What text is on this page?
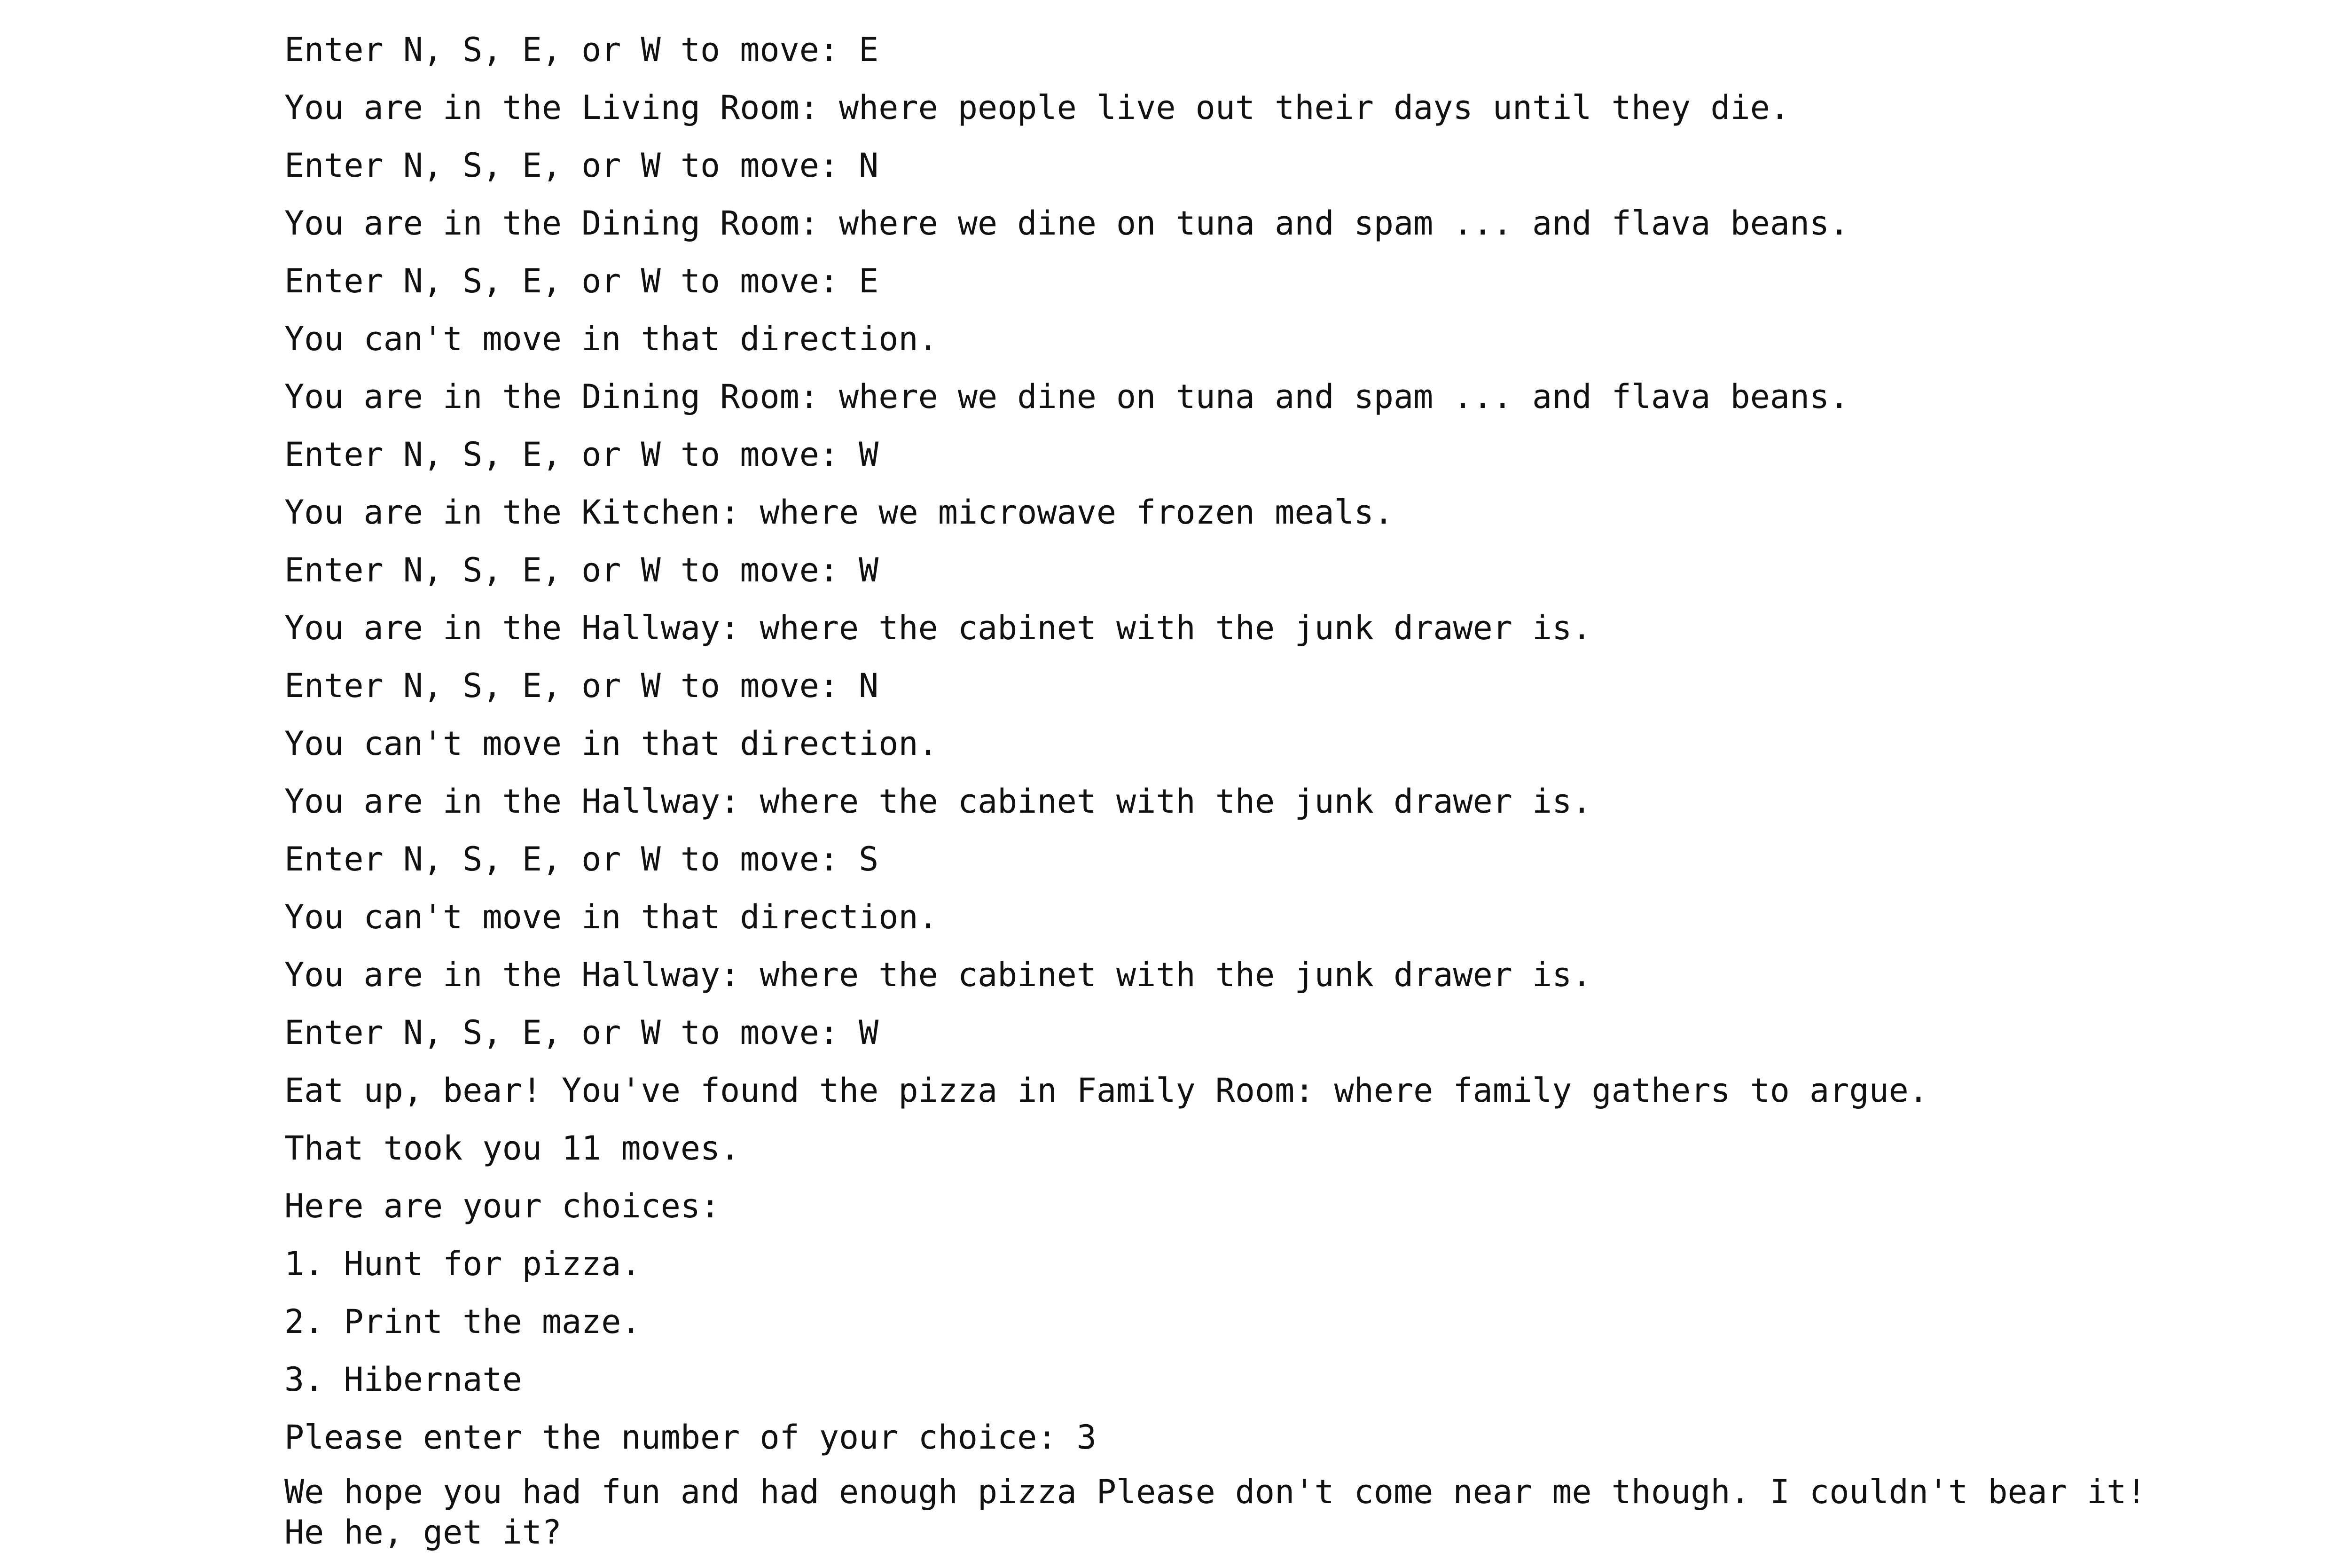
Enter N, S, E, or W to move: E
You are in the Living Room: where people live out their days until they die.
Enter N, S, E, or W to move: N
You are in the Dining Room: where we dine on tuna and spam ... and flava beans.
Enter N, S, E, or W to move: E
You can't move in that direction.
You are in the Dining Room: where we dine on tuna and spam ... and flava beans.
Enter N, S, E, or W to move: W
You are in the Kitchen: where we microwave frozen meals.
Enter N, S, E, or W to move: W
You are in the Hallway: where the cabinet with the junk drawer is.
Enter N, S, E, or W to move: N
You can't move in that direction.
You are in the Hallway: where the cabinet with the junk drawer is.
Enter N, S, E, or W to move: S
You can't move in that direction.
You are in the Hallway: where the cabinet with the junk drawer is.
Enter N, S, E, or W to move: W
Eat up, bear! You've found the pizza in Family Room: where family gathers to argue.
That took you 11 moves.
Here are your choices:
1. Hunt for pizza.
2. Print the maze.
3. Hibernate
Please enter the number of your choice: 3
We hope you had fun and had enough pizza Please don't come near me though. I couldn't bear it!
He he, get it?
